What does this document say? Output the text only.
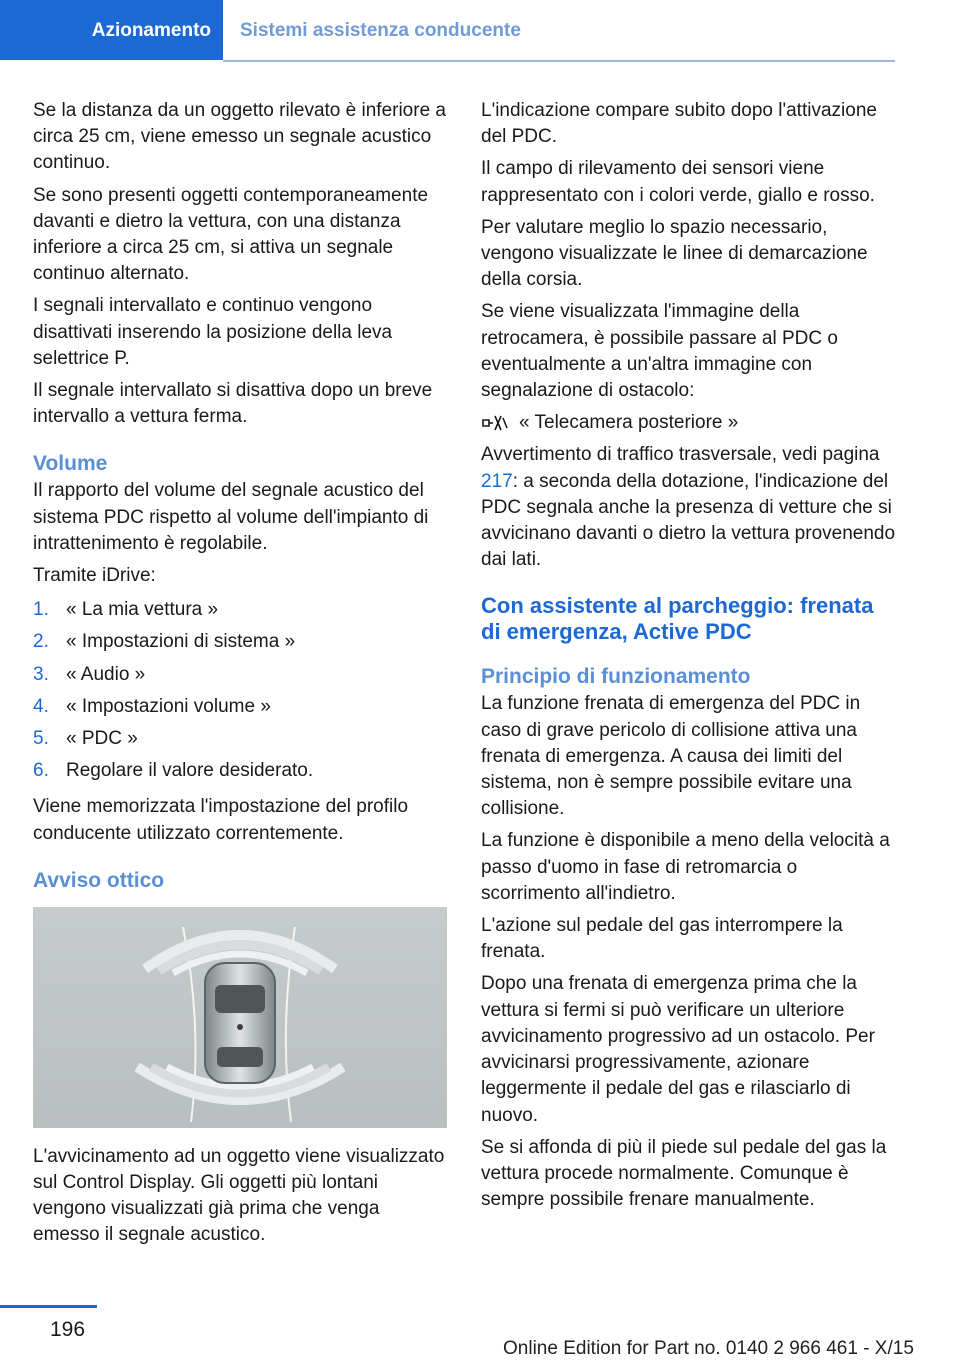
Azionamento	Sistemi assistenza conducente

Se la distanza da un oggetto rilevato è inferiore a circa 25 cm, viene emesso un segnale acustico continuo.

Se sono presenti oggetti contemporaneamente davanti e dietro la vettura, con una distanza inferiore a circa 25 cm, si attiva un segnale continuo alternato.

I segnali intervallato e continuo vengono disattivati inserendo la posizione della leva selettrice P.

Il segnale intervallato si disattiva dopo un breve intervallo a vettura ferma.

Volume

Il rapporto del volume del segnale acustico del sistema PDC rispetto al volume dell'impianto di intrattenimento è regolabile.

Tramite iDrive:

1. « La mia vettura »
2. « Impostazioni di sistema »
3. « Audio »
4. « Impostazioni volume »
5. « PDC »
6. Regolare il valore desiderato.

Viene memorizzata l'impostazione del profilo conducente utilizzato correntemente.

Avviso ottico

L'avvicinamento ad un oggetto viene visualizzato sul Control Display. Gli oggetti più lontani vengono visualizzati già prima che venga emesso il segnale acustico.

L'indicazione compare subito dopo l'attivazione del PDC.

Il campo di rilevamento dei sensori viene rappresentato con i colori verde, giallo e rosso.

Per valutare meglio lo spazio necessario, vengono visualizzate le linee di demarcazione della corsia.

Se viene visualizzata l'immagine della retrocamera, è possibile passare al PDC o eventualmente a un'altra immagine con segnalazione di ostacolo:

« Telecamera posteriore »

Avvertimento di traffico trasversale, vedi pagina 217: a seconda della dotazione, l'indicazione del PDC segnala anche la presenza di vetture che si avvicinano davanti o dietro la vettura provenendo dai lati.

Con assistente al parcheggio: frenata di emergenza, Active PDC
Principio di funzionamento

La funzione frenata di emergenza del PDC in caso di grave pericolo di collisione attiva una frenata di emergenza. A causa dei limiti del sistema, non è sempre possibile evitare una collisione.

La funzione è disponibile a meno della velocità a passo d'uomo in fase di retromarcia o scorrimento all'indietro.

L'azione sul pedale del gas interrompere la frenata.

Dopo una frenata di emergenza prima che la vettura si fermi si può verificare un ulteriore avvicinamento progressivo ad un ostacolo. Per avvicinarsi progressivamente, azionare leggermente il pedale del gas e rilasciarlo di nuovo.

Se si affonda di più il piede sul pedale del gas la vettura procede normalmente. Comunque è sempre possibile frenare manualmente.

196
Online Edition for Part no. 0140 2 966 461 - X/15
